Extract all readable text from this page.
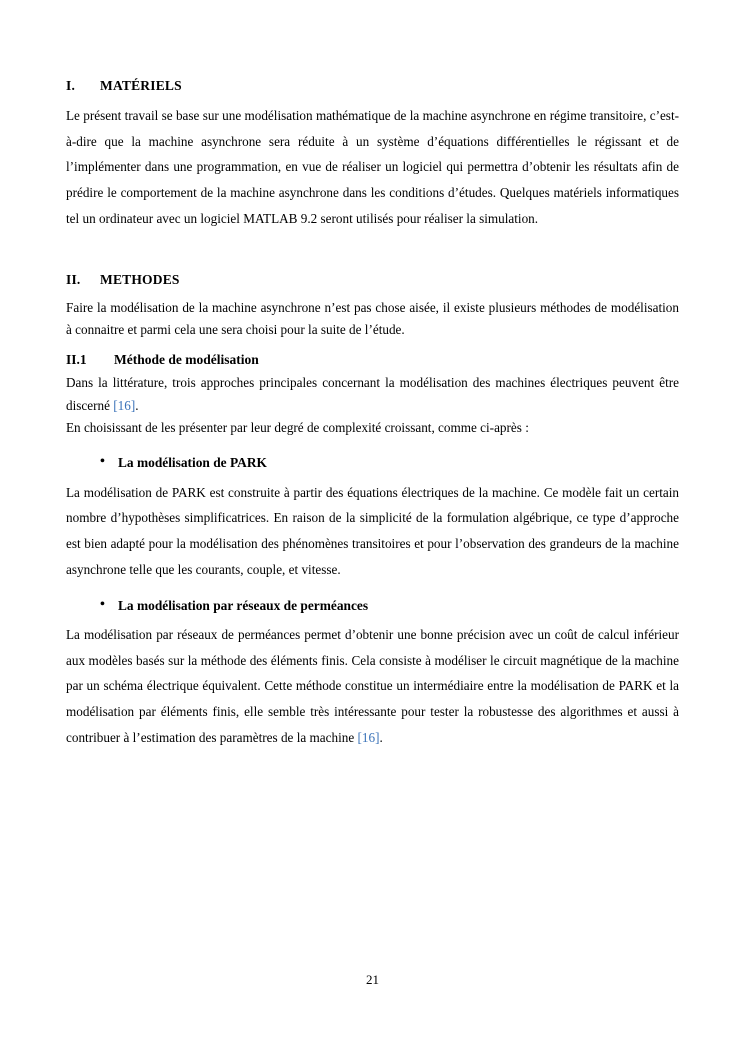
I. MATÉRIELS

Le présent travail se base sur une modélisation mathématique de la machine asynchrone en régime transitoire, c’est-à-dire que la machine asynchrone sera réduite à un système d’équations différentielles le régissant et de l’implémenter dans une programmation, en vue de réaliser un logiciel qui permettra d’obtenir les résultats afin de prédire le comportement de la machine asynchrone dans les conditions d’études. Quelques matériels informatiques tel un ordinateur avec un logiciel MATLAB 9.2 seront utilisés pour réaliser la simulation.

II. METHODES

Faire la modélisation de la machine asynchrone n’est pas chose aisée, il existe plusieurs méthodes de modélisation à connaitre et parmi cela une sera choisi pour la suite de l’étude.

II.1 Méthode de modélisation

Dans la littérature, trois approches principales concernant la modélisation des machines électriques peuvent être discerné [16].

En choisissant de les présenter par leur degré de complexité croissant, comme ci-après :

• La modélisation de PARK

La modélisation de PARK est construite à partir des équations électriques de la machine. Ce modèle fait un certain nombre d’hypothèses simplificatrices. En raison de la simplicité de la formulation algébrique, ce type d’approche est bien adapté pour la modélisation des phénomènes transitoires et pour l’observation des grandeurs de la machine asynchrone telle que les courants, couple, et vitesse.

• La modélisation par réseaux de perméances

La modélisation par réseaux de perméances permet d’obtenir une bonne précision avec un coût de calcul inférieur aux modèles basés sur la méthode des éléments finis. Cela consiste à modéliser le circuit magnétique de la machine par un schéma électrique équivalent. Cette méthode constitue un intermédiaire entre la modélisation de PARK et la modélisation par éléments finis, elle semble très intéressante pour tester la robustesse des algorithmes et aussi à contribuer à l’estimation des paramètres de la machine [16].

21
